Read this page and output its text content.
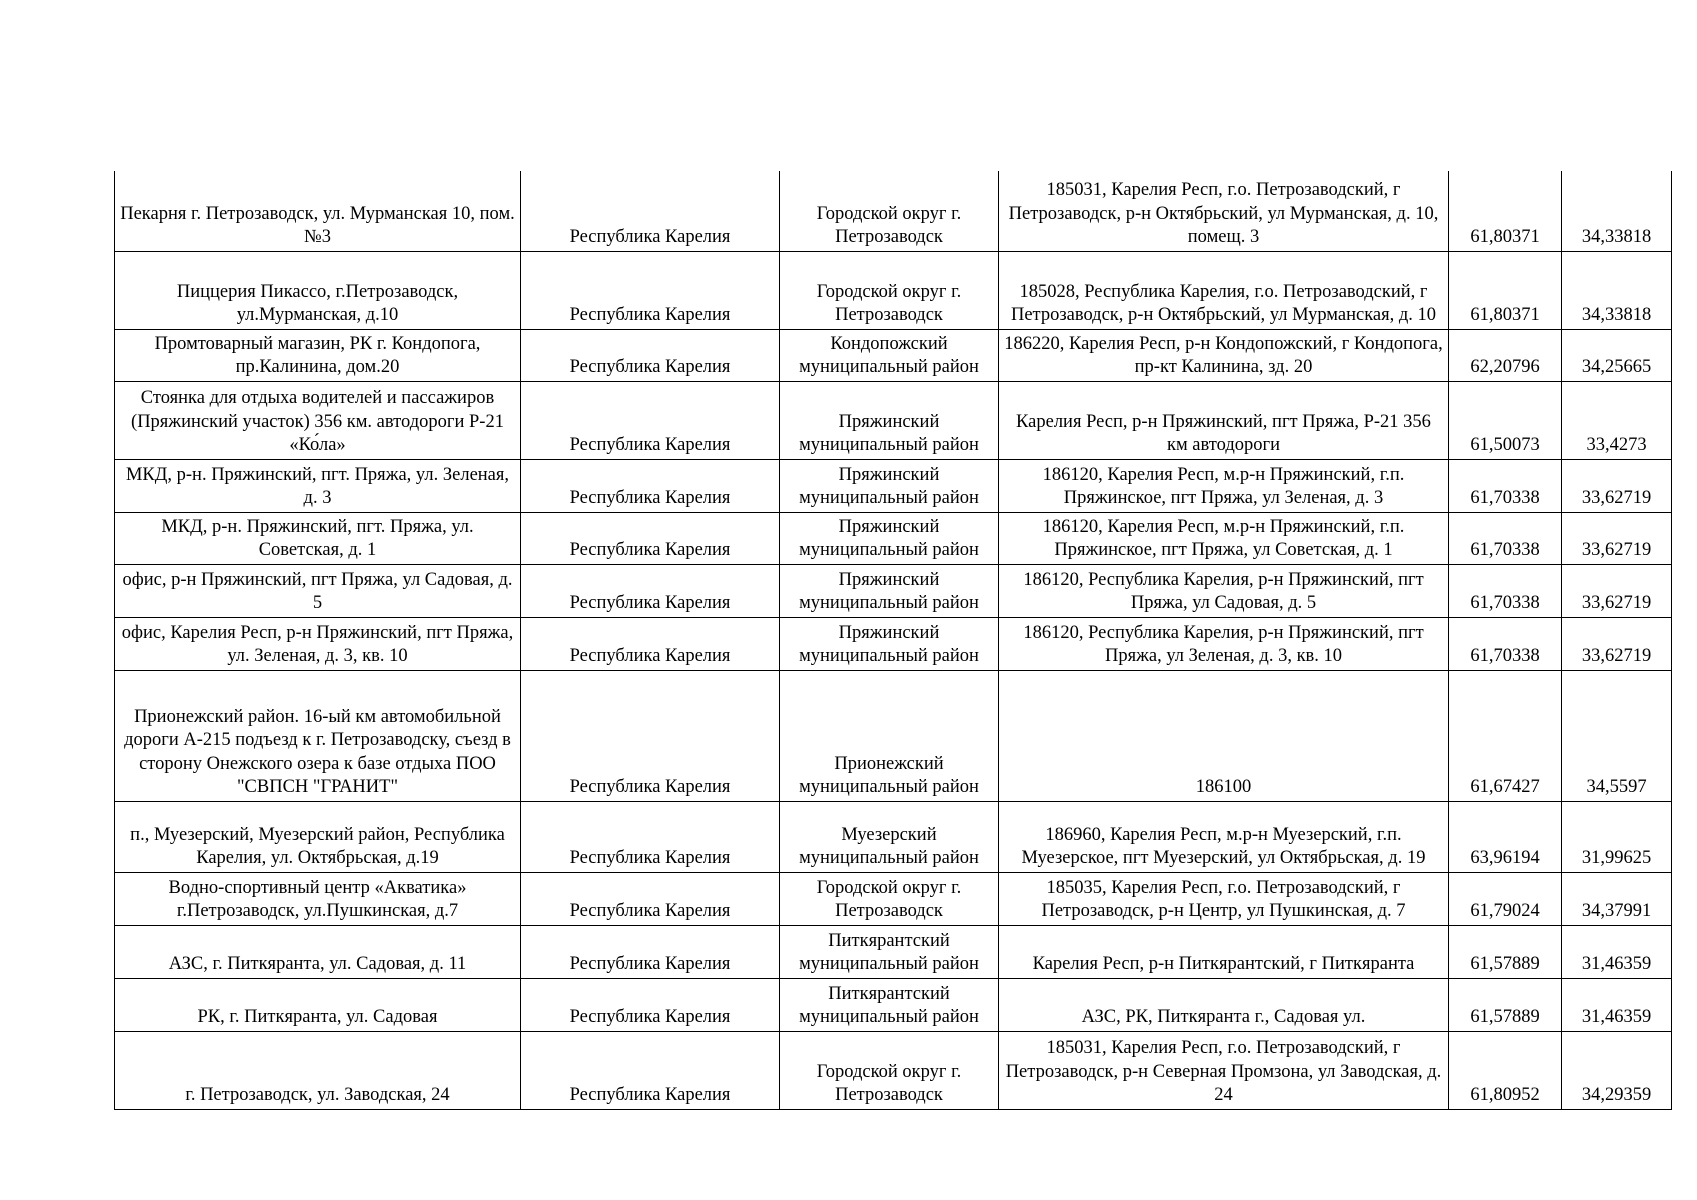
Пекарня г. Петрозаводск, ул. Мурманская 10, пом.№3	Республика Карелия	Городской округ г. Петрозаводск	185031, Карелия Респ, г.о. Петрозаводский, г Петрозаводск, р-н Октябрьский, ул Мурманская, д. 10, помещ. 3	61,80371	34,33818
Пиццерия Пикассо, г.Петрозаводск, ул.Мурманская, д.10	Республика Карелия	Городской округ г. Петрозаводск	185028, Республика Карелия, г.о. Петрозаводский, г Петрозаводск, р-н Октябрьский, ул Мурманская, д. 10	61,80371	34,33818
Промтоварный магазин, РК г. Кондопога, пр.Калинина, дом.20	Республика Карелия	Кондопожский муниципальный район	186220, Карелия Респ, р-н Кондопожский, г Кондопога, пр-кт Калинина, зд. 20	62,20796	34,25665
Стоянка для отдыха водителей и пассажиров (Пряжинский участок) 356 км. автодороги Р-21 «Ко́ла»	Республика Карелия	Пряжинский муниципальный район	Карелия Респ, р-н Пряжинский, пгт Пряжа, Р-21 356 км автодороги	61,50073	33,4273
МКД, р-н. Пряжинский, пгт. Пряжа, ул. Зеленая, д. 3	Республика Карелия	Пряжинский муниципальный район	186120, Карелия Респ, м.р-н Пряжинский, г.п. Пряжинское, пгт Пряжа, ул Зеленая, д. 3	61,70338	33,62719
МКД, р-н. Пряжинский, пгт. Пряжа, ул. Советская, д. 1	Республика Карелия	Пряжинский муниципальный район	186120, Карелия Респ, м.р-н Пряжинский, г.п. Пряжинское, пгт Пряжа, ул Советская, д. 1	61,70338	33,62719
офис, р-н Пряжинский, пгт Пряжа, ул Садовая, д. 5	Республика Карелия	Пряжинский муниципальный район	186120, Республика Карелия, р-н Пряжинский, пгт Пряжа, ул Садовая, д. 5	61,70338	33,62719
офис, Карелия Респ, р-н Пряжинский, пгт Пряжа, ул. Зеленая, д. 3, кв. 10	Республика Карелия	Пряжинский муниципальный район	186120, Республика Карелия, р-н Пряжинский, пгт Пряжа, ул Зеленая, д. 3, кв. 10	61,70338	33,62719
Прионежский район. 16-ый км автомобильной дороги А-215 подъезд к г. Петрозаводску, съезд в сторону Онежского озера к базе отдыха ПОО "СВПСН "ГРАНИТ"	Республика Карелия	Прионежский муниципальный район	186100	61,67427	34,5597
п., Муезерский, Муезерский район, Республика Карелия, ул. Октябрьская, д.19	Республика Карелия	Муезерский муниципальный район	186960, Карелия Респ, м.р-н Муезерский, г.п. Муезерское, пгт Муезерский, ул Октябрьская, д. 19	63,96194	31,99625
Водно-спортивный центр «Акватика» г.Петрозаводск, ул.Пушкинская, д.7	Республика Карелия	Городской округ г. Петрозаводск	185035, Карелия Респ, г.о. Петрозаводский, г Петрозаводск, р-н Центр, ул Пушкинская, д. 7	61,79024	34,37991
АЗС, г. Питкяранта, ул. Садовая, д. 11	Республика Карелия	Питкярантский муниципальный район	Карелия Респ, р-н Питкярантский, г Питкяранта	61,57889	31,46359
РК, г. Питкяранта, ул. Садовая	Республика Карелия	Питкярантский муниципальный район	АЗС, РК, Питкяранта г., Садовая ул.	61,57889	31,46359
г. Петрозаводск, ул. Заводская, 24	Республика Карелия	Городской округ г. Петрозаводск	185031, Карелия Респ, г.о. Петрозаводский, г Петрозаводск, р-н Северная Промзона, ул Заводская, д. 24	61,80952	34,29359
